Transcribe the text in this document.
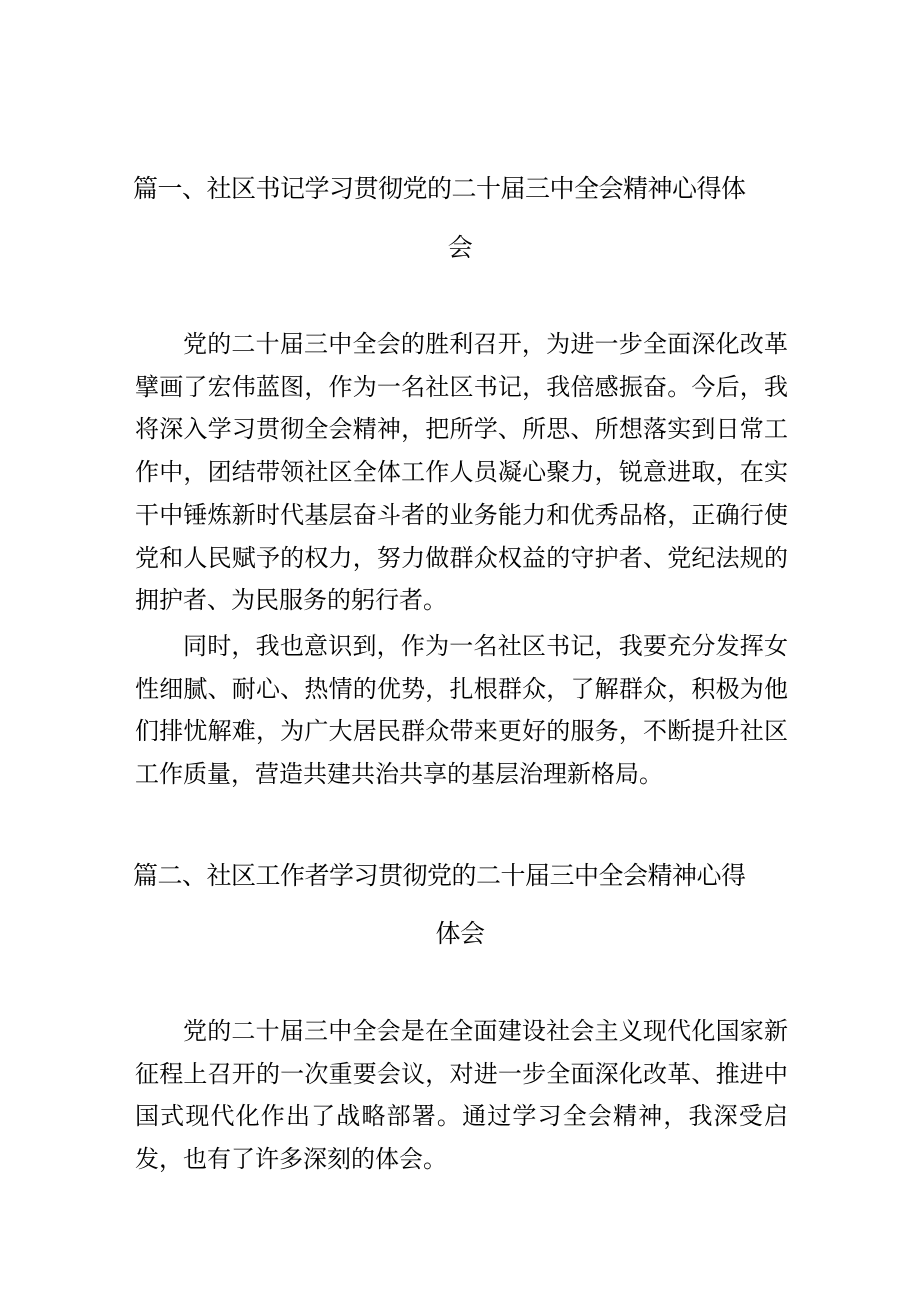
篇一、社区书记学习贯彻党的二十届三中全会精神心得体
会

党的二十届三中全会的胜利召开，为进一步全面深化改革擘画了宏伟蓝图，作为一名社区书记，我倍感振奋。今后，我将深入学习贯彻全会精神，把所学、所思、所想落实到日常工作中，团结带领社区全体工作人员凝心聚力，锐意进取，在实干中锤炼新时代基层奋斗者的业务能力和优秀品格，正确行使党和人民赋予的权力，努力做群众权益的守护者、党纪法规的拥护者、为民服务的躬行者。

同时，我也意识到，作为一名社区书记，我要充分发挥女性细腻、耐心、热情的优势，扎根群众，了解群众，积极为他们排忧解难，为广大居民群众带来更好的服务，不断提升社区工作质量，营造共建共治共享的基层治理新格局。

篇二、社区工作者学习贯彻党的二十届三中全会精神心得
体会

党的二十届三中全会是在全面建设社会主义现代化国家新征程上召开的一次重要会议，对进一步全面深化改革、推进中国式现代化作出了战略部署。通过学习全会精神，我深受启发，也有了许多深刻的体会。
